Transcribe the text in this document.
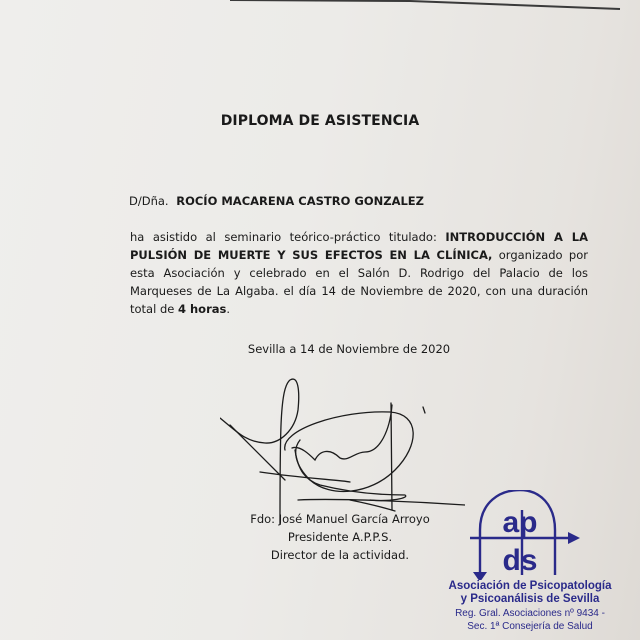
DIPLOMA DE ASISTENCIA
D/Dña. ROCÍO MACARENA CASTRO GONZALEZ
ha asistido al seminario teórico-práctico titulado: INTRODUCCIÓN A LA PULSIÓN DE MUERTE Y SUS EFECTOS EN LA CLÍNICA, organizado por esta Asociación y celebrado en el Salón D. Rodrigo del Palacio de los Marqueses de La Algaba. el día 14 de Noviembre de 2020, con una duración total de 4 horas.
Sevilla a 14 de Noviembre de 2020
Fdo: José Manuel García Arroyo
Presidente A.P.P.S.
Director de la actividad.
ap
ds
Asociación de Psicopatología
y Psicoanálisis de Sevilla
Reg. Gral. Asociaciones nº 9434 -
Sec. 1ª Consejería de Salud
